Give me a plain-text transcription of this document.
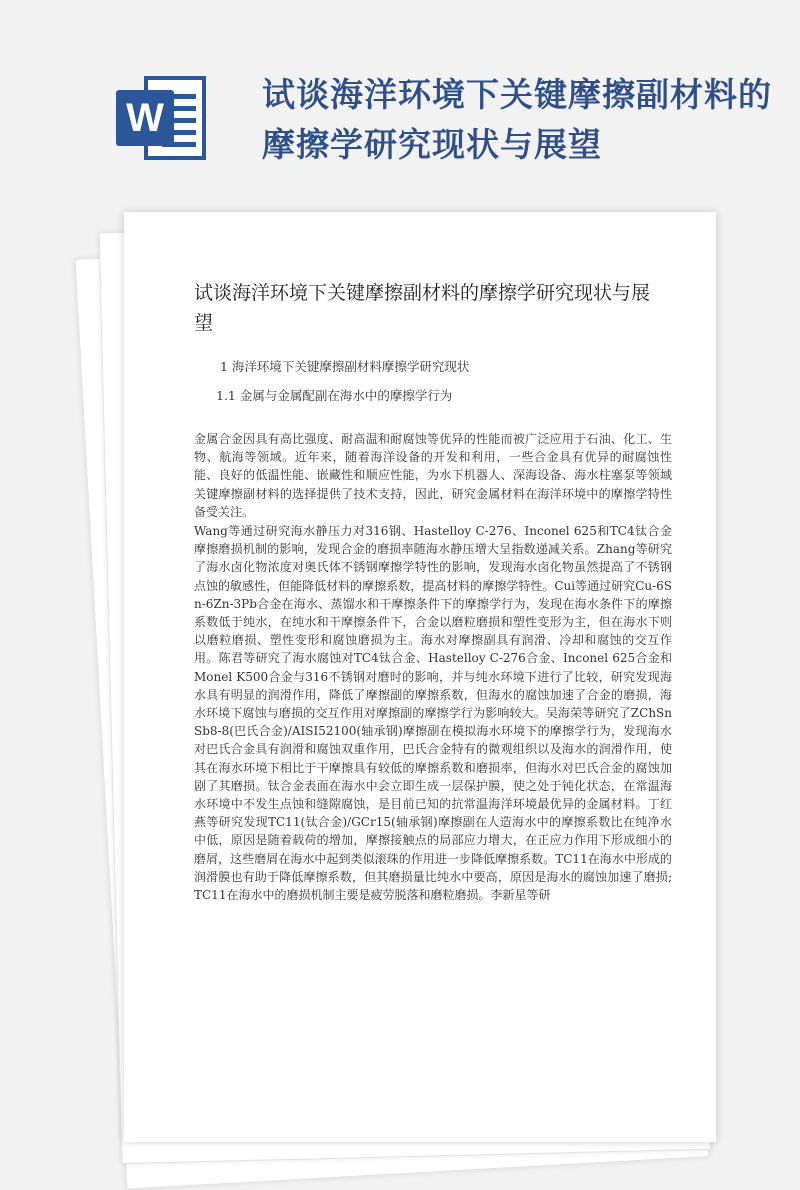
W
试谈海洋环境下关键摩擦副材料的摩擦学研究现状与展望
试谈海洋环境下关键摩擦副材料的摩擦学研究现状与展望

1 海洋环境下关键摩擦副材料摩擦学研究现状

1.1 金属与金属配副在海水中的摩擦学行为

金属合金因具有高比强度、耐高温和耐腐蚀等优异的性能而被广泛应用于石油、化工、生物、航海等领域。近年来，随着海洋设备的开发和利用，一些合金具有优异的耐腐蚀性能、良好的低温性能、嵌藏性和顺应性能，为水下机器人、深海设备、海水柱塞泵等领域关键摩擦副材料的选择提供了技术支持，因此，研究金属材料在海洋环境中的摩擦学特性备受关注。

Wang等通过研究海水静压力对316钢、Hastelloy C-276、Inconel 625和TC4钛合金摩擦磨损机制的影响，发现合金的磨损率随海水静压增大呈指数递减关系。Zhang等研究了海水卤化物浓度对奥氏体不锈钢摩擦学特性的影响，发现海水卤化物虽然提高了不锈钢点蚀的敏感性，但能降低材料的摩擦系数，提高材料的摩擦学特性。Cui等通过研究Cu-6Sn-6Zn-3Pb合金在海水、蒸馏水和干摩擦条件下的摩擦学行为，发现在海水条件下的摩擦系数低于纯水，在纯水和干摩擦条件下，合金以磨粒磨损和塑性变形为主，但在海水下则以磨粒磨损、塑性变形和腐蚀磨损为主。海水对摩擦副具有润滑、冷却和腐蚀的交互作用。陈君等研究了海水腐蚀对TC4钛合金、Hastelloy C-276合金、Inconel 625合金和Monel K500合金与316不锈钢对磨时的影响，并与纯水环境下进行了比较，研究发现海水具有明显的润滑作用，降低了摩擦副的摩擦系数，但海水的腐蚀加速了合金的磨损，海水环境下腐蚀与磨损的交互作用对摩擦副的摩擦学行为影响较大。吴海荣等研究了ZChSnSb8-8(巴氏合金)/AISI52100(轴承钢)摩擦副在模拟海水环境下的摩擦学行为，发现海水对巴氏合金具有润滑和腐蚀双重作用，巴氏合金特有的微观组织以及海水的润滑作用，使其在海水环境下相比于干摩擦具有较低的摩擦系数和磨损率，但海水对巴氏合金的腐蚀加剧了其磨损。钛合金表面在海水中会立即生成一层保护膜，使之处于钝化状态，在常温海水环境中不发生点蚀和缝隙腐蚀，是目前已知的抗常温海洋环境最优异的金属材料。丁红燕等研究发现TC11(钛合金)/GCr15(轴承钢)摩擦副在人造海水中的摩擦系数比在纯净水中低，原因是随着载荷的增加，摩擦接触点的局部应力增大，在正应力作用下形成细小的磨屑，这些磨屑在海水中起到类似滚珠的作用进一步降低摩擦系数。TC11在海水中形成的润滑膜也有助于降低摩擦系数，但其磨损量比纯水中要高，原因是海水的腐蚀加速了磨损;TC11在海水中的磨损机制主要是疲劳脱落和磨粒磨损。李新星等研
